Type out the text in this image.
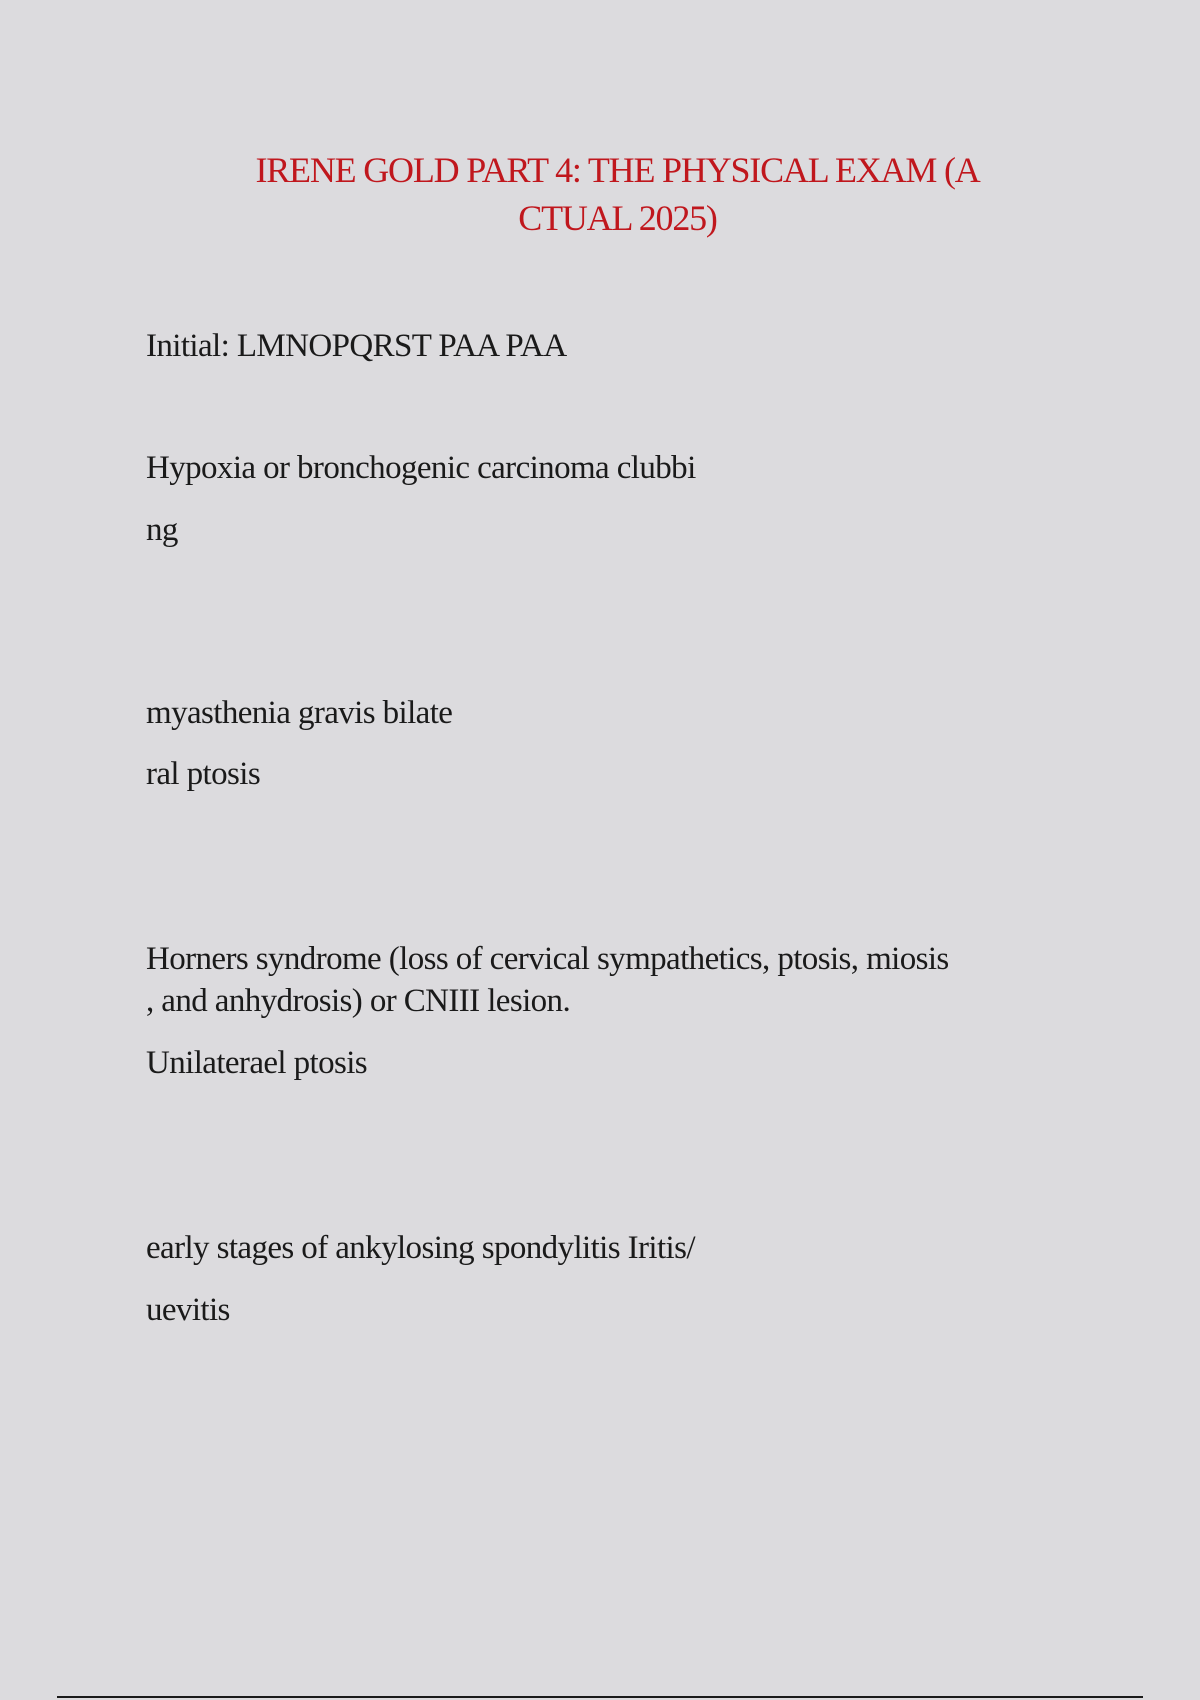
IRENE GOLD PART 4: THE PHYSICAL EXAM (A
CTUAL 2025)

Initial: LMNOPQRST PAA PAA

Hypoxia or bronchogenic carcinoma clubbi

ng

myasthenia gravis bilate

ral ptosis

Horners syndrome (loss of cervical sympathetics, ptosis, miosis

, and anhydrosis) or CNIII lesion.

Unilaterael ptosis

early stages of ankylosing spondylitis Iritis/

uevitis
